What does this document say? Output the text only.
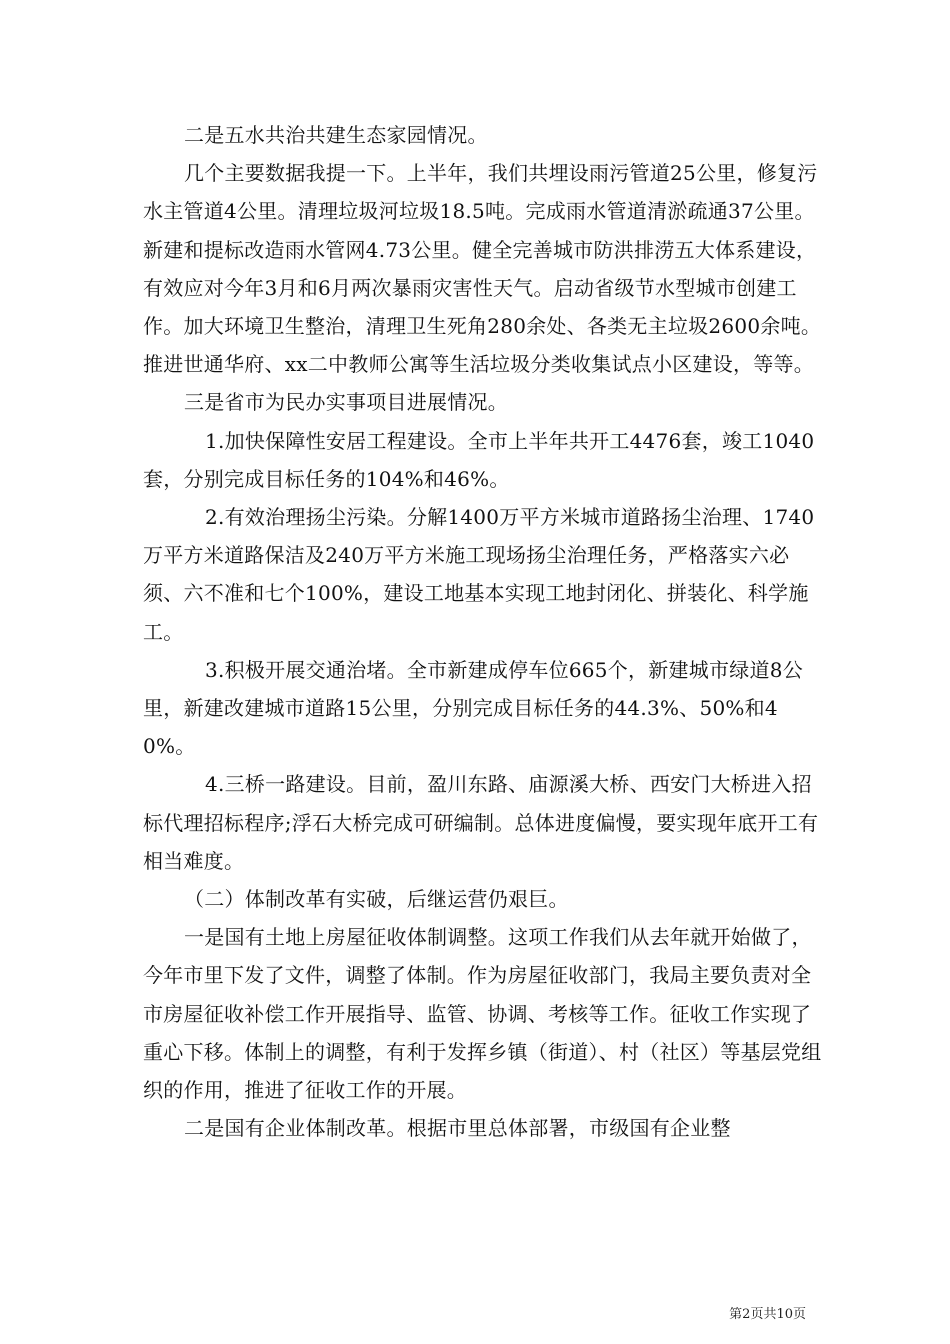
二是五水共治共建生态家园情况。

几个主要数据我提一下。上半年，我们共埋设雨污管道25公里，修复污水主管道4公里。清理垃圾河垃圾18.5吨。完成雨水管道清淤疏通37公里。新建和提标改造雨水管网4.73公里。健全完善城市防洪排涝五大体系建设，有效应对今年3月和6月两次暴雨灾害性天气。启动省级节水型城市创建工作。加大环境卫生整治，清理卫生死角280余处、各类无主垃圾2600余吨。推进世通华府、xx二中教师公寓等生活垃圾分类收集试点小区建设，等等。

三是省市为民办实事项目进展情况。

1.加快保障性安居工程建设。全市上半年共开工4476套，竣工1040套，分别完成目标任务的104%和46%。

2.有效治理扬尘污染。分解1400万平方米城市道路扬尘治理、1740万平方米道路保洁及240万平方米施工现场扬尘治理任务，严格落实六必须、六不准和七个100%，建设工地基本实现工地封闭化、拼装化、科学施工。

3.积极开展交通治堵。全市新建成停车位665个，新建城市绿道8公里，新建改建城市道路15公里，分别完成目标任务的44.3%、50%和40%。

4.三桥一路建设。目前，盈川东路、庙源溪大桥、西安门大桥进入招标代理招标程序;浮石大桥完成可研编制。总体进度偏慢，要实现年底开工有相当难度。

（二）体制改革有实破，后继运营仍艰巨。

一是国有土地上房屋征收体制调整。这项工作我们从去年就开始做了，今年市里下发了文件，调整了体制。作为房屋征收部门，我局主要负责对全市房屋征收补偿工作开展指导、监管、协调、考核等工作。征收工作实现了重心下移。体制上的调整，有利于发挥乡镇（街道）、村（社区）等基层党组织的作用，推进了征收工作的开展。

二是国有企业体制改革。根据市里总体部署，市级国有企业整

第2页共10页
